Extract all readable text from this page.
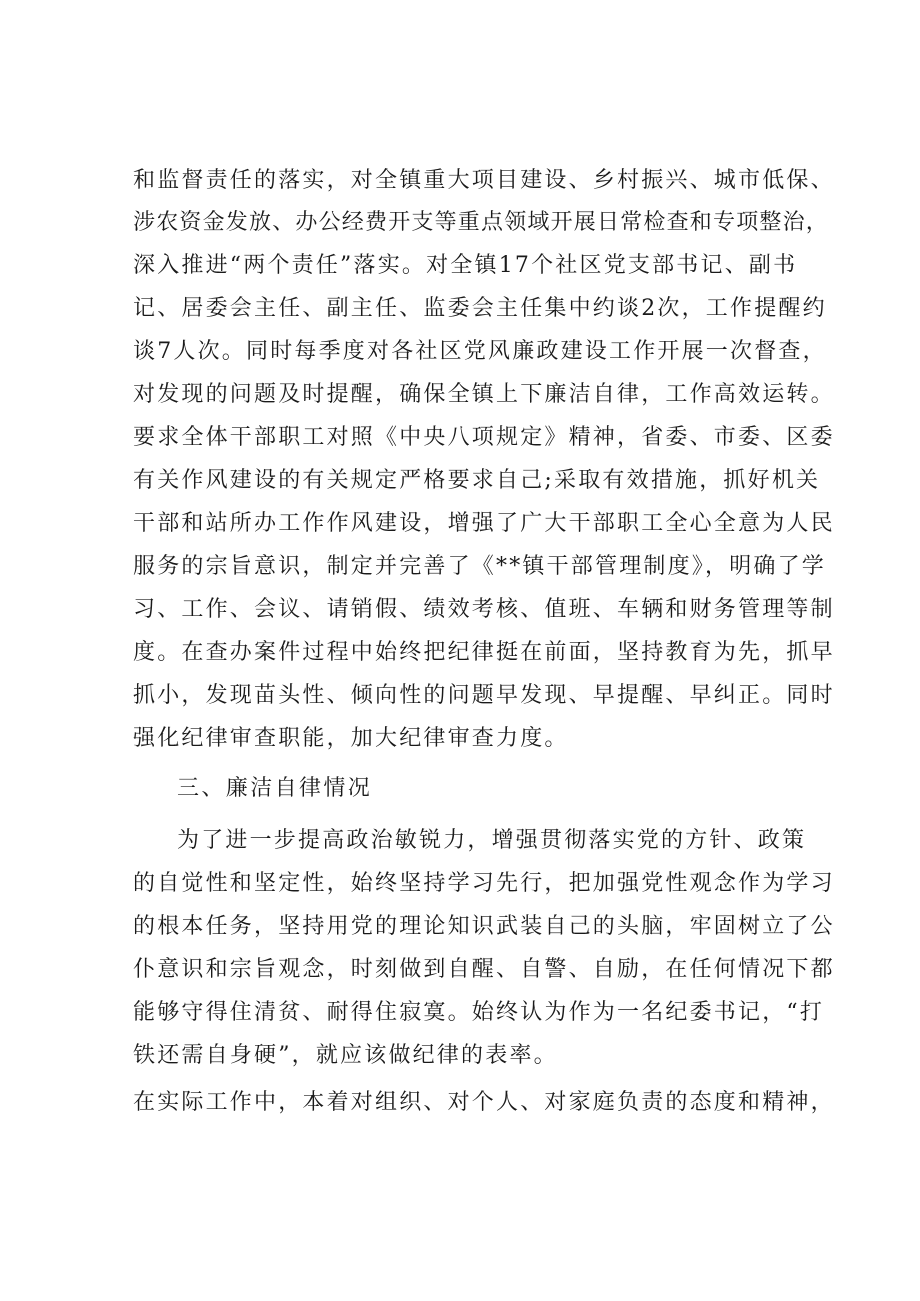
和监督责任的落实，对全镇重大项目建设、乡村振兴、城市低保、
涉农资金发放、办公经费开支等重点领域开展日常检查和专项整治，
深入推进“两个责任”落实。对全镇17个社区党支部书记、副书
记、居委会主任、副主任、监委会主任集中约谈2次，工作提醒约
谈7人次。同时每季度对各社区党风廉政建设工作开展一次督查，
对发现的问题及时提醒，确保全镇上下廉洁自律，工作高效运转。
要求全体干部职工对照《中央八项规定》精神，省委、市委、区委
有关作风建设的有关规定严格要求自己;采取有效措施，抓好机关
干部和站所办工作作风建设，增强了广大干部职工全心全意为人民
服务的宗旨意识，制定并完善了《**镇干部管理制度》，明确了学
习、工作、会议、请销假、绩效考核、值班、车辆和财务管理等制
度。在查办案件过程中始终把纪律挺在前面，坚持教育为先，抓早
抓小，发现苗头性、倾向性的问题早发现、早提醒、早纠正。同时
强化纪律审查职能，加大纪律审查力度。
三、廉洁自律情况
为了进一步提高政治敏锐力，增强贯彻落实党的方针、政策
的自觉性和坚定性，始终坚持学习先行，把加强党性观念作为学习
的根本任务，坚持用党的理论知识武装自己的头脑，牢固树立了公
仆意识和宗旨观念，时刻做到自醒、自警、自励，在任何情况下都
能够守得住清贫、耐得住寂寞。始终认为作为一名纪委书记，“打
铁还需自身硬”，就应该做纪律的表率。
在实际工作中，本着对组织、对个人、对家庭负责的态度和精神，
